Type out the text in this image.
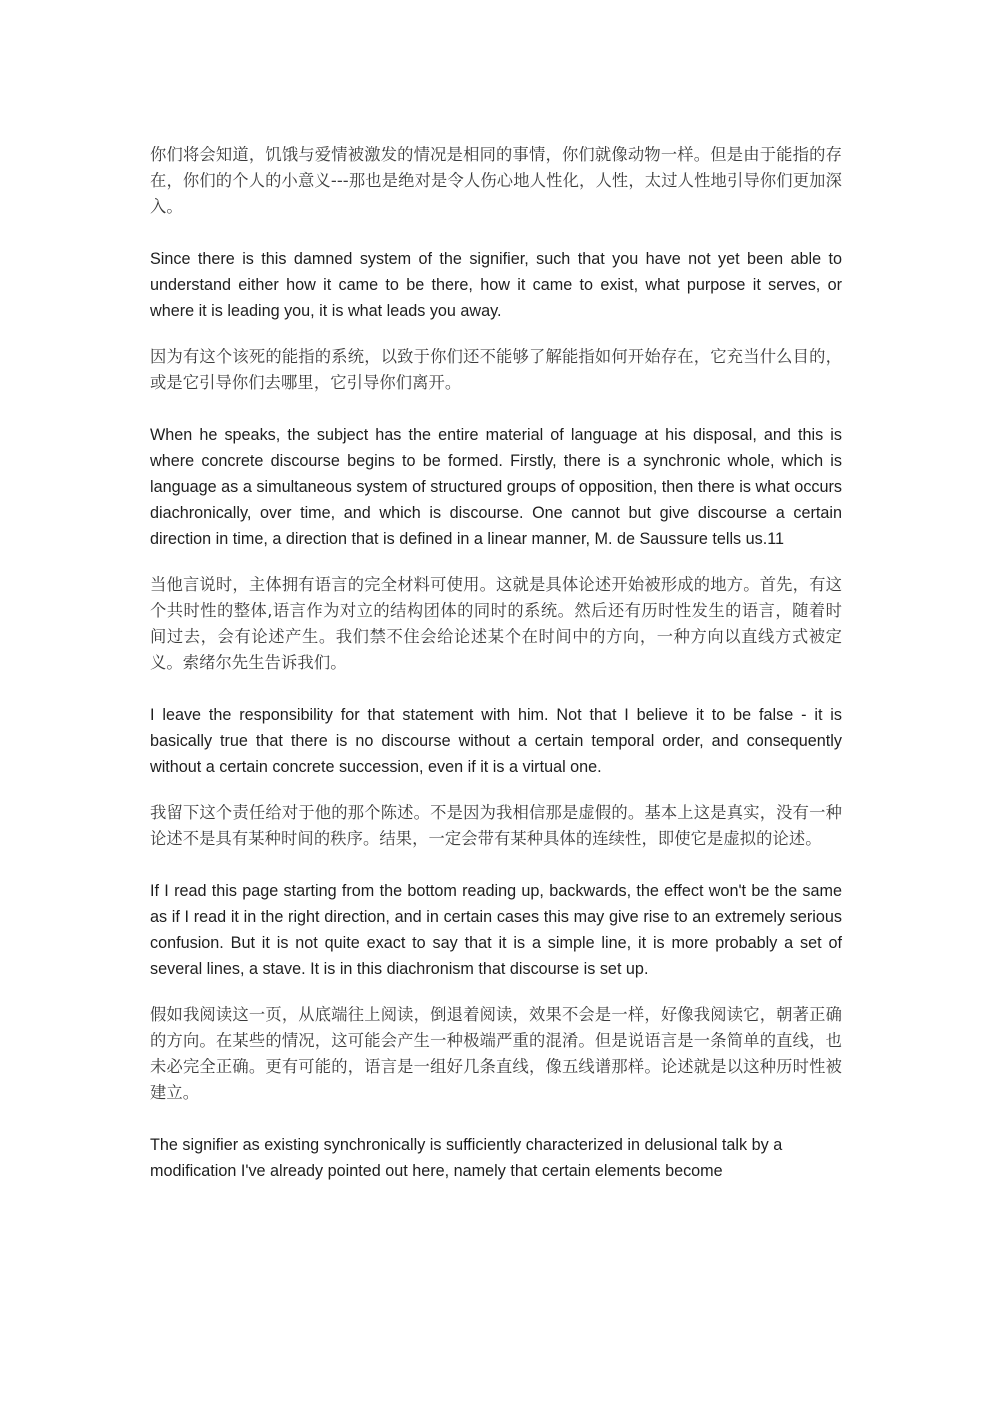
你们将会知道，饥饿与爱情被激发的情况是相同的事情，你们就像动物一样。但是由于能指的存在，你们的个人的小意义---那也是绝对是令人伤心地人性化，人性，太过人性地引导你们更加深入。

Since there is this damned system of the signifier, such that you have not yet been able to understand either how it came to be there, how it came to exist, what purpose it serves, or where it is leading you, it is what leads you away.

因为有这个该死的能指的系统，以致于你们还不能够了解能指如何开始存在，它充当什么目的，或是它引导你们去哪里，它引导你们离开。

When he speaks, the subject has the entire material of language at his disposal, and this is where concrete discourse begins to be formed. Firstly, there is a synchronic whole, which is language as a simultaneous system of structured groups of opposition, then there is what occurs diachronically, over time, and which is discourse. One cannot but give discourse a certain direction in time, a direction that is defined in a linear manner, M. de Saussure tells us.11

当他言说时，主体拥有语言的完全材料可使用。这就是具体论述开始被形成的地方。首先，有这个共时性的整体,语言作为对立的结构团体的同时的系统。然后还有历时性发生的语言，随着时间过去，会有论述产生。我们禁不住会给论述某个在时间中的方向，一种方向以直线方式被定义。索绪尔先生告诉我们。

I leave the responsibility for that statement with him. Not that I believe it to be false - it is basically true that there is no discourse without a certain temporal order, and consequently without a certain concrete succession, even if it is a virtual one.

我留下这个责任给对于他的那个陈述。不是因为我相信那是虚假的。基本上这是真实，没有一种论述不是具有某种时间的秩序。结果，一定会带有某种具体的连续性，即使它是虚拟的论述。

If I read this page starting from the bottom reading up, backwards, the effect won't be the same as if I read it in the right direction, and in certain cases this may give rise to an extremely serious confusion. But it is not quite exact to say that it is a simple line, it is more probably a set of several lines, a stave. It is in this diachronism that discourse is set up.

假如我阅读这一页，从底端往上阅读，倒退着阅读，效果不会是一样，好像我阅读它，朝著正确的方向。在某些的情况，这可能会产生一种极端严重的混淆。但是说语言是一条简单的直线，也未必完全正确。更有可能的，语言是一组好几条直线，像五线谱那样。论述就是以这种历时性被建立。

The signifier as existing synchronically is sufficiently characterized in delusional talk by a modification I've already pointed out here, namely that certain elements become
